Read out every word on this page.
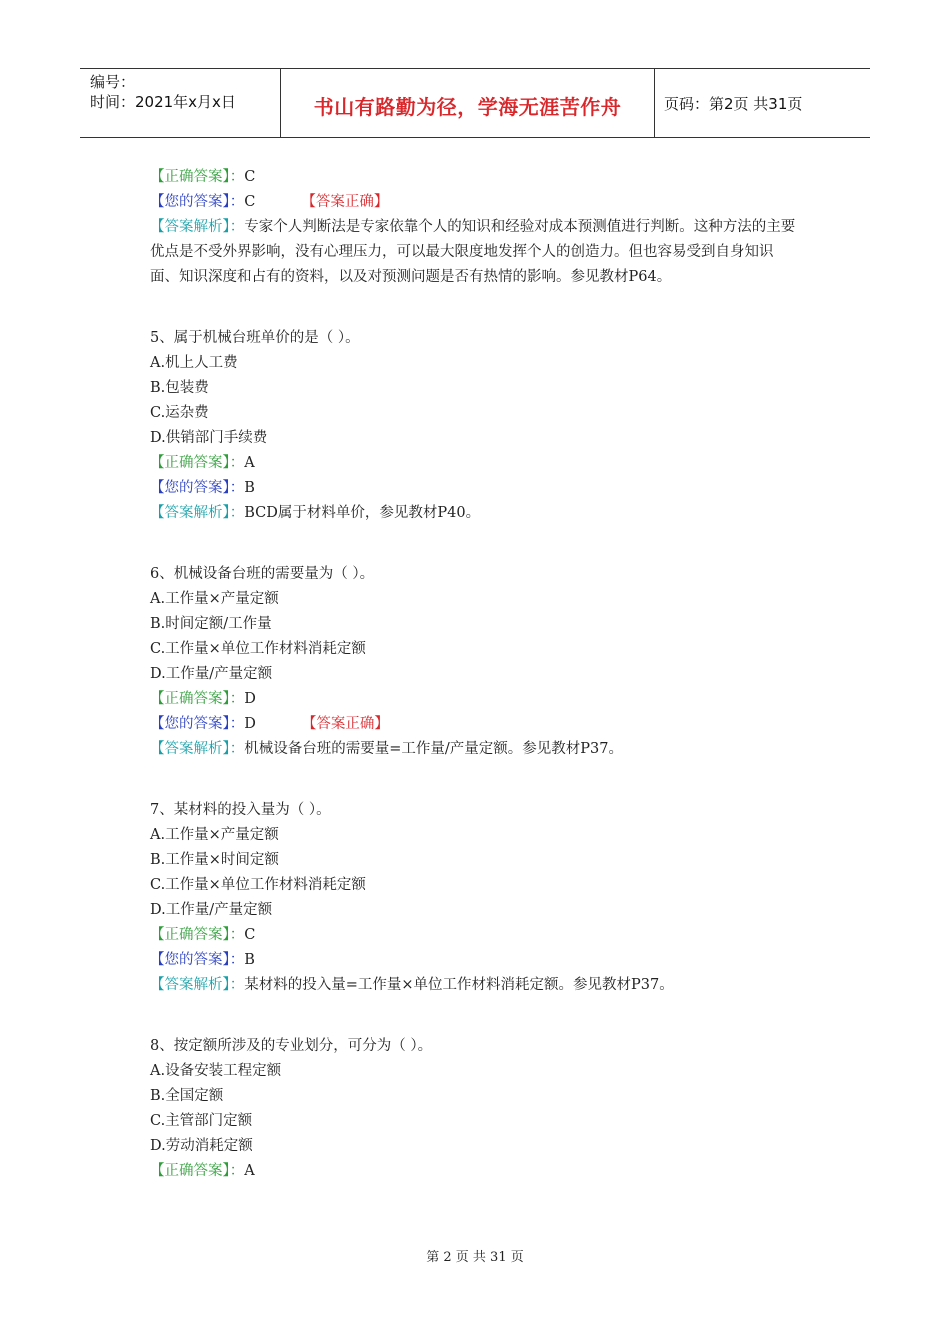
编号：
时间：2021年x月x日	书山有路勤为径，学海无涯苦作舟	页码：第2页 共31页
【正确答案】：C
【您的答案】：C	【答案正确】
【答案解析】：专家个人判断法是专家依靠个人的知识和经验对成本预测值进行判断。这种方法的主要优点是不受外界影响，没有心理压力，可以最大限度地发挥个人的创造力。但也容易受到自身知识面、知识深度和占有的资料，以及对预测问题是否有热情的影响。参见教材P64。
5、属于机械台班单价的是（ ）。
A.机上人工费
B.包装费
C.运杂费
D.供销部门手续费
【正确答案】：A
【您的答案】：B
【答案解析】：BCD属于材料单价，参见教材P40。
6、机械设备台班的需要量为（ ）。
A.工作量×产量定额
B.时间定额/工作量
C.工作量×单位工作材料消耗定额
D.工作量/产量定额
【正确答案】：D
【您的答案】：D	【答案正确】
【答案解析】：机械设备台班的需要量=工作量/产量定额。参见教材P37。
7、某材料的投入量为（ ）。
A.工作量×产量定额
B.工作量×时间定额
C.工作量×单位工作材料消耗定额
D.工作量/产量定额
【正确答案】：C
【您的答案】：B
【答案解析】：某材料的投入量=工作量×单位工作材料消耗定额。参见教材P37。
8、按定额所涉及的专业划分，可分为（ ）。
A.设备安装工程定额
B.全国定额
C.主管部门定额
D.劳动消耗定额
【正确答案】：A
第 2 页 共 31 页
